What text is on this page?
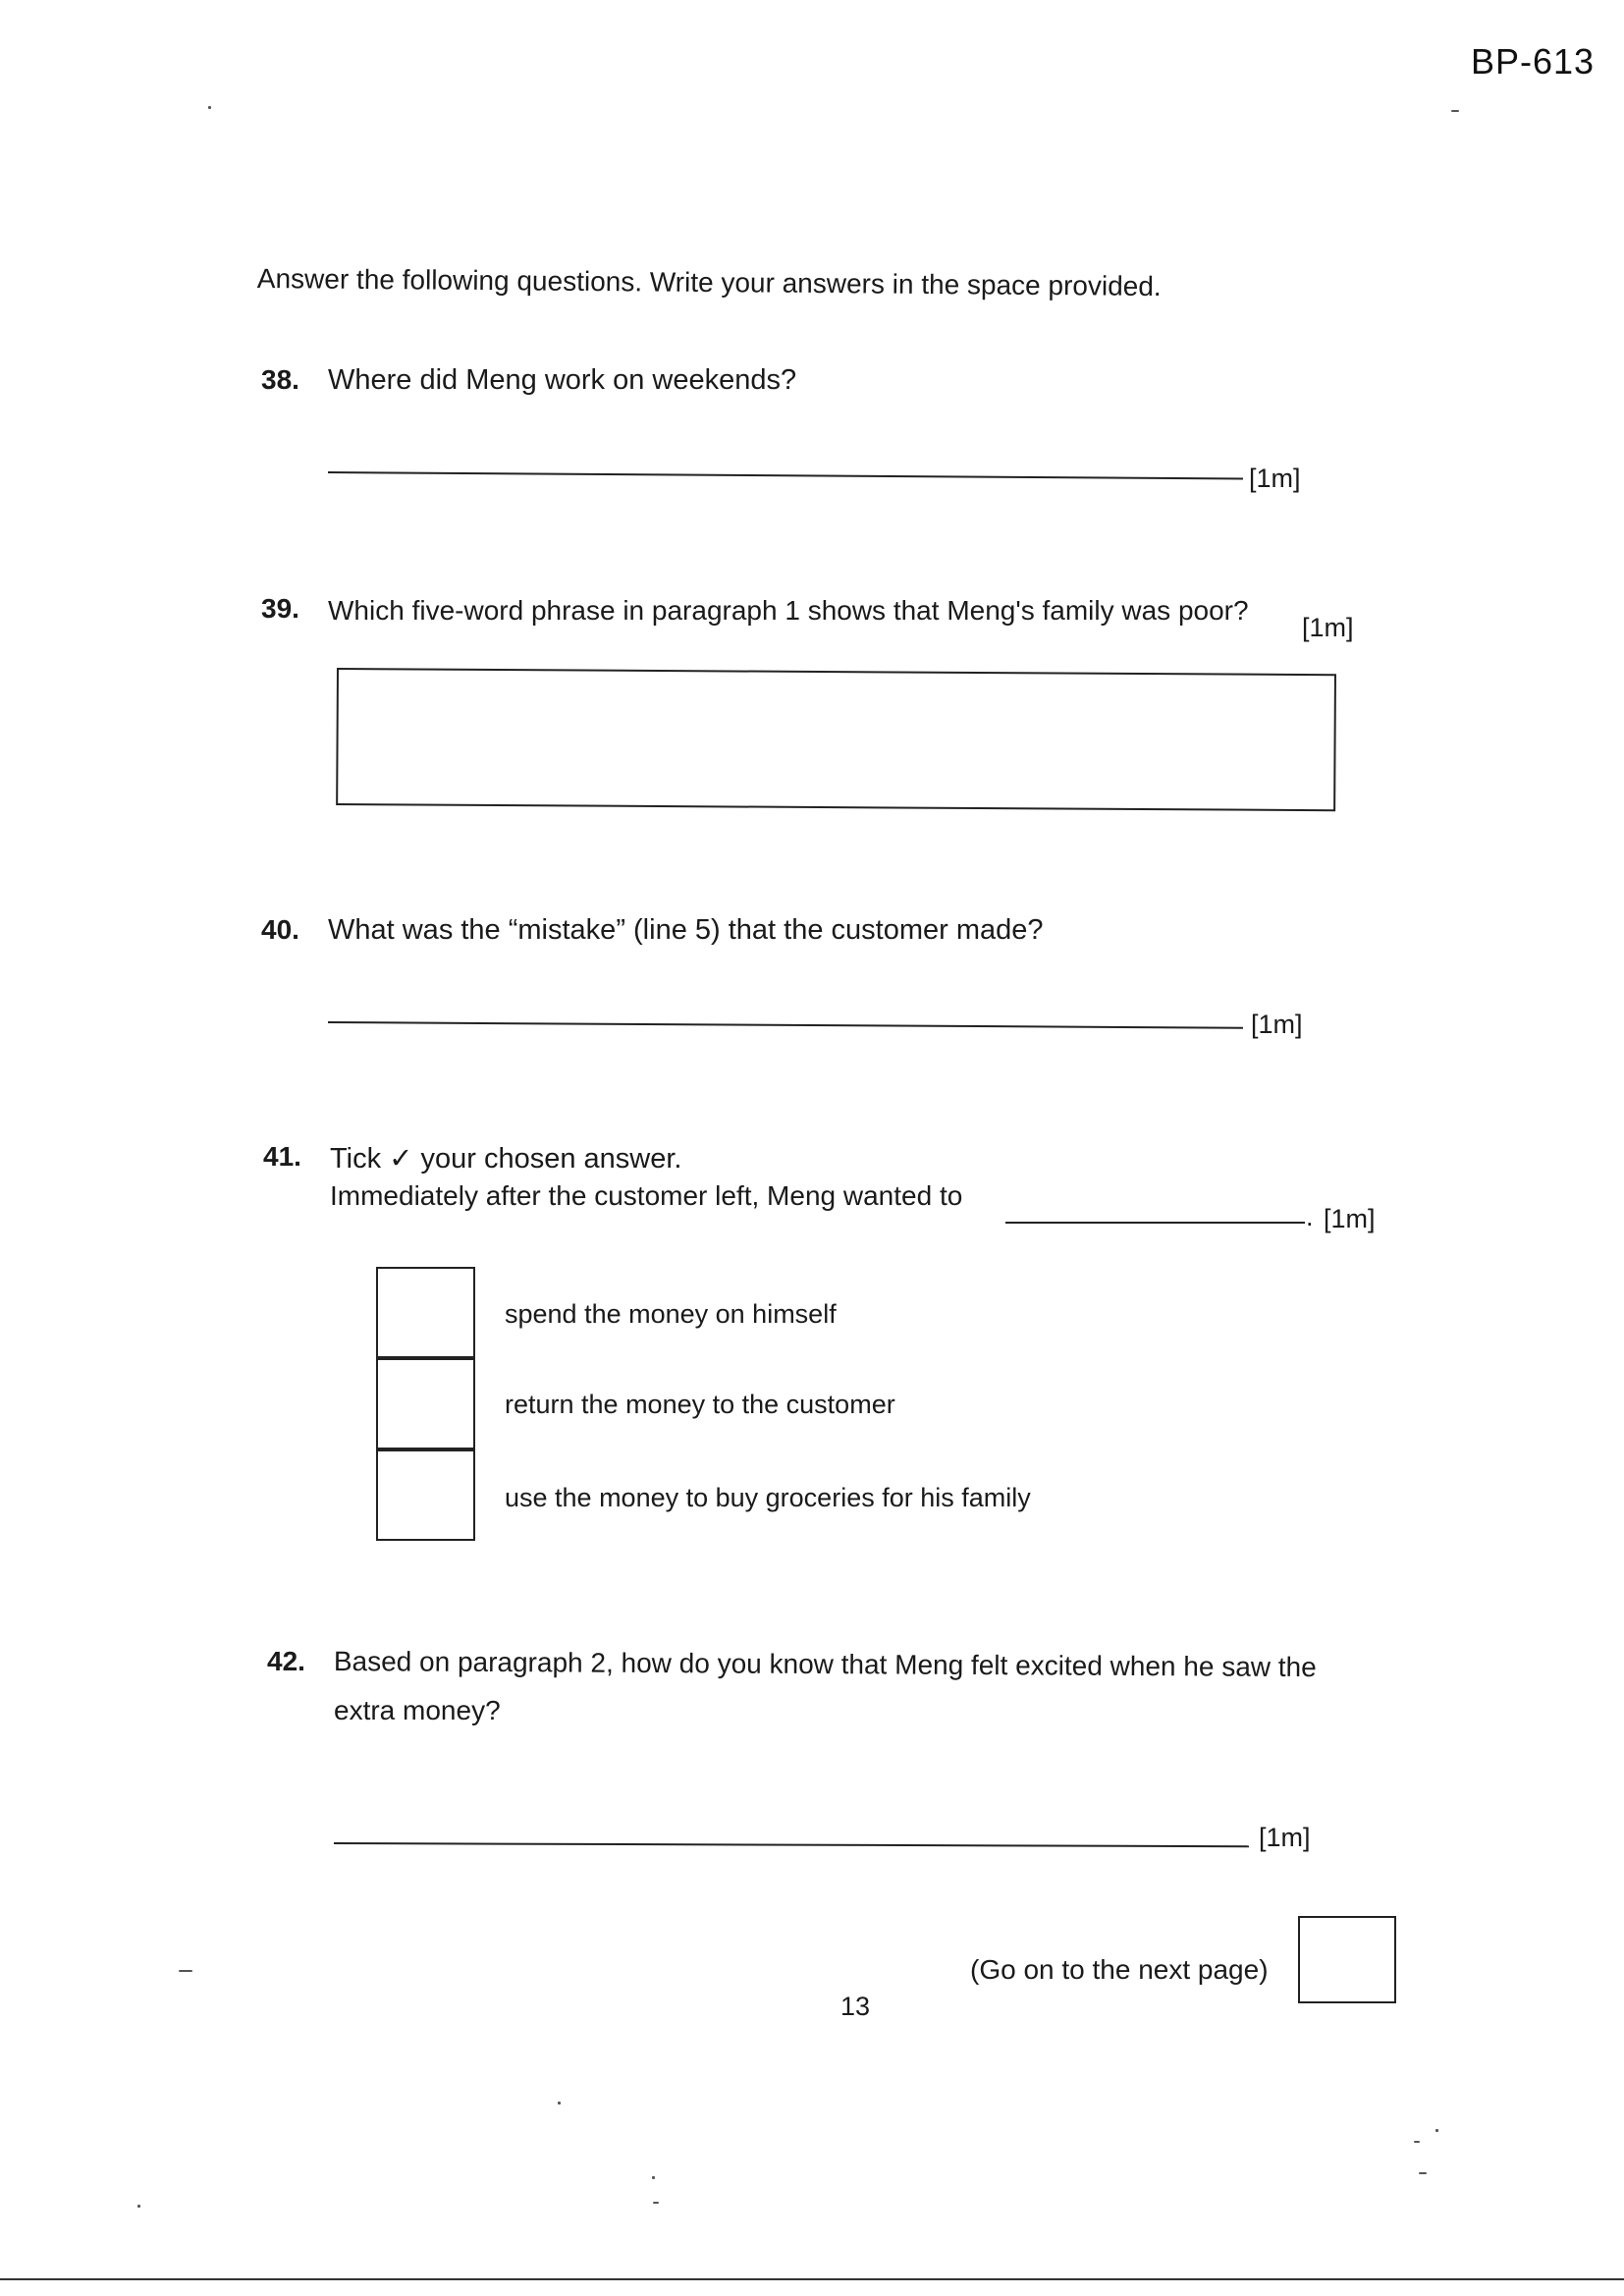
BP-613
Answer the following questions. Write your answers in the space provided.
38. Where did Meng work on weekends?
[1m]
39. Which five-word phrase in paragraph 1 shows that Meng's family was poor?
[1m]
40. What was the “mistake” (line 5) that the customer made?
[1m]
41. Tick ✓ your chosen answer.
Immediately after the customer left, Meng wanted to
. [1m]
spend the money on himself
return the money to the customer
use the money to buy groceries for his family
42. Based on paragraph 2, how do you know that Meng felt excited when he saw the
extra money?
[1m]
(Go on to the next page)
13
